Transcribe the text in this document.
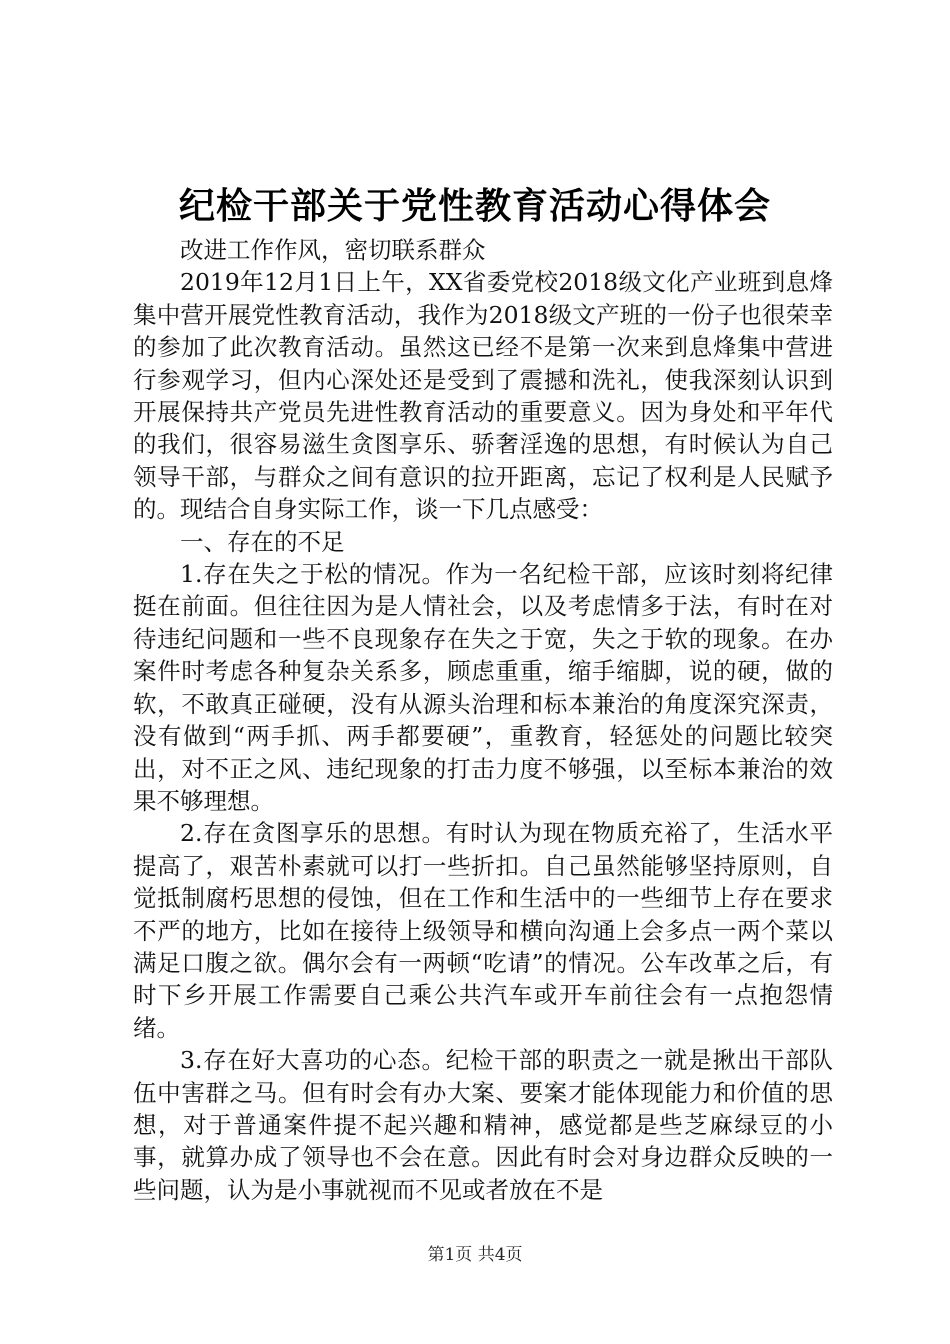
纪检干部关于党性教育活动心得体会

改进工作作风，密切联系群众

2019年12月1日上午，XX省委党校2018级文化产业班到息烽集中营开展党性教育活动，我作为2018级文产班的一份子也很荣幸的参加了此次教育活动。虽然这已经不是第一次来到息烽集中营进行参观学习，但内心深处还是受到了震撼和洗礼，使我深刻认识到开展保持共产党员先进性教育活动的重要意义。因为身处和平年代的我们，很容易滋生贪图享乐、骄奢淫逸的思想，有时候认为自己领导干部，与群众之间有意识的拉开距离，忘记了权利是人民赋予的。现结合自身实际工作，谈一下几点感受：

一、存在的不足

1.存在失之于松的情况。作为一名纪检干部，应该时刻将纪律挺在前面。但往往因为是人情社会，以及考虑情多于法，有时在对待违纪问题和一些不良现象存在失之于宽，失之于软的现象。在办案件时考虑各种复杂关系多，顾虑重重，缩手缩脚，说的硬，做的软，不敢真正碰硬，没有从源头治理和标本兼治的角度深究深责，没有做到“两手抓、两手都要硬”，重教育，轻惩处的问题比较突出，对不正之风、违纪现象的打击力度不够强，以至标本兼治的效果不够理想。

2.存在贪图享乐的思想。有时认为现在物质充裕了，生活水平提高了，艰苦朴素就可以打一些折扣。自己虽然能够坚持原则，自觉抵制腐朽思想的侵蚀，但在工作和生活中的一些细节上存在要求不严的地方，比如在接待上级领导和横向沟通上会多点一两个菜以满足口腹之欲。偶尔会有一两顿“吃请”的情况。公车改革之后，有时下乡开展工作需要自己乘公共汽车或开车前往会有一点抱怨情绪。

3.存在好大喜功的心态。纪检干部的职责之一就是揪出干部队伍中害群之马。但有时会有办大案、要案才能体现能力和价值的思想，对于普通案件提不起兴趣和精神，感觉都是些芝麻绿豆的小事，就算办成了领导也不会在意。因此有时会对身边群众反映的一些问题，认为是小事就视而不见或者放在不是

第1页 共4页
